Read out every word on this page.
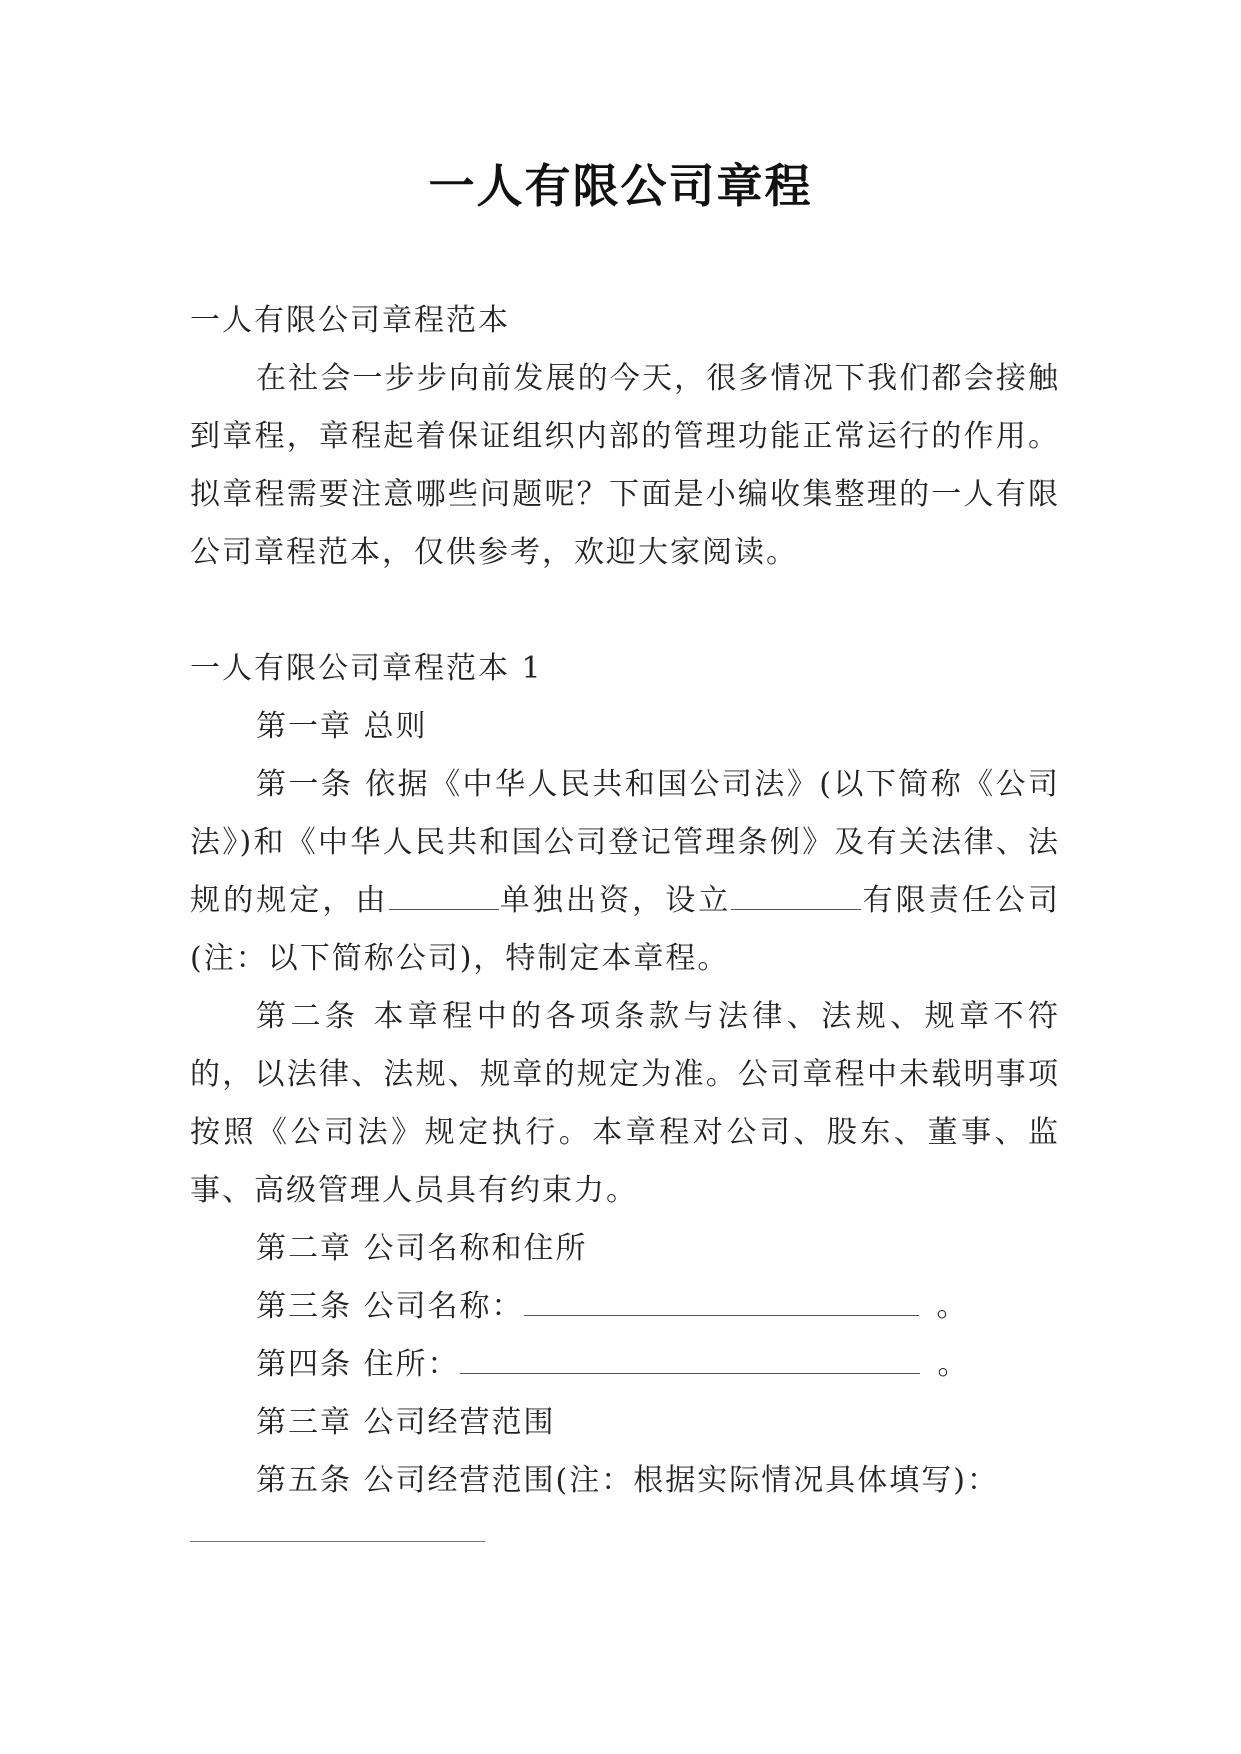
一人有限公司章程

一人有限公司章程范本

在社会一步步向前发展的今天，很多情况下我们都会接触到章程，章程起着保证组织内部的管理功能正常运行的作用。拟章程需要注意哪些问题呢？下面是小编收集整理的一人有限公司章程范本，仅供参考，欢迎大家阅读。

一人有限公司章程范本 1

第一章 总则

第一条 依据《中华人民共和国公司法》(以下简称《公司法》)和《中华人民共和国公司登记管理条例》及有关法律、法规的规定，由	单独出资，设立	有限责任公司(注：以下简称公司)，特制定本章程。

第二条 本章程中的各项条款与法律、法规、规章不符的，以法律、法规、规章的规定为准。公司章程中未载明事项按照《公司法》规定执行。本章程对公司、股东、董事、监事、高级管理人员具有约束力。

第二章 公司名称和住所

第三条 公司名称：	。

第四条 住所：	。

第三章 公司经营范围

第五条 公司经营范围(注：根据实际情况具体填写)：
